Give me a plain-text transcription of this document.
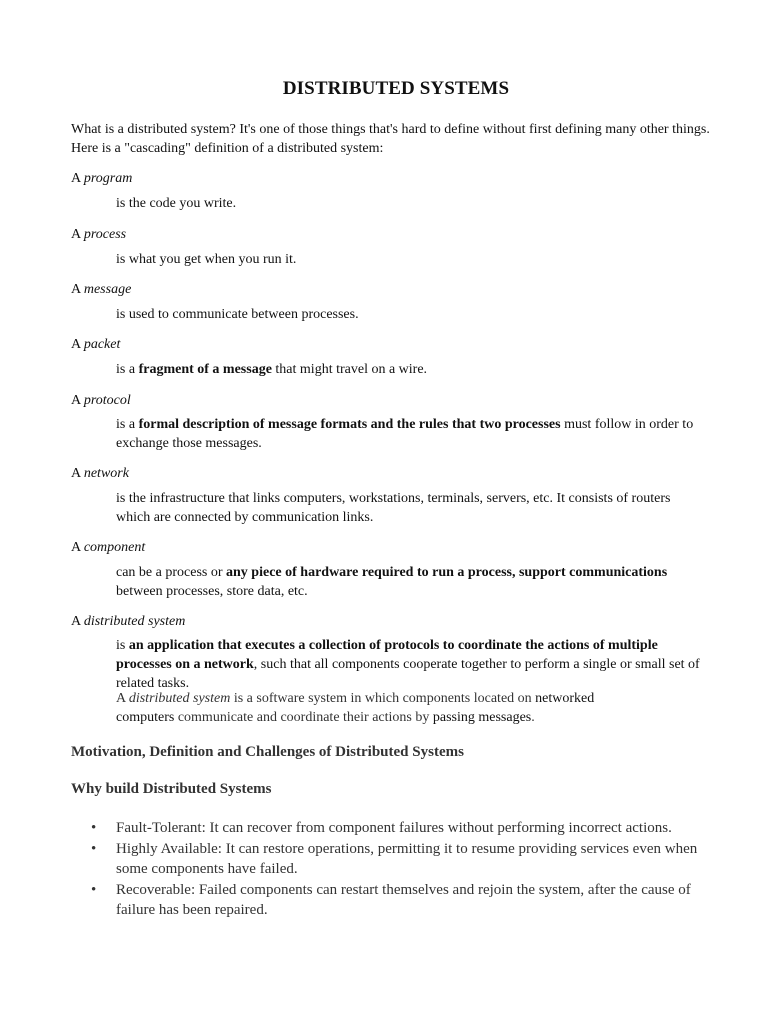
DISTRIBUTED SYSTEMS
What is a distributed system? It's one of those things that's hard to define without first defining many other things.
Here is a "cascading" definition of a distributed system:
A program
is the code you write.
A process
is what you get when you run it.
A message
is used to communicate between processes.
A packet
is a fragment of a message that might travel on a wire.
A protocol
is a formal description of message formats and the rules that two processes must follow in order to exchange those messages.
A network
is the infrastructure that links computers, workstations, terminals, servers, etc. It consists of routers which are connected by communication links.
A component
can be a process or any piece of hardware required to run a process, support communications between processes, store data, etc.
A distributed system
is an application that executes a collection of protocols to coordinate the actions of multiple processes on a network, such that all components cooperate together to perform a single or small set of related tasks.
A distributed system is a software system in which components located on networked computers communicate and coordinate their actions by passing messages.
Motivation, Definition and Challenges of Distributed Systems
Why build Distributed Systems
• Fault-Tolerant: It can recover from component failures without performing incorrect actions.
• Highly Available: It can restore operations, permitting it to resume providing services even when some components have failed.
• Recoverable: Failed components can restart themselves and rejoin the system, after the cause of failure has been repaired.
